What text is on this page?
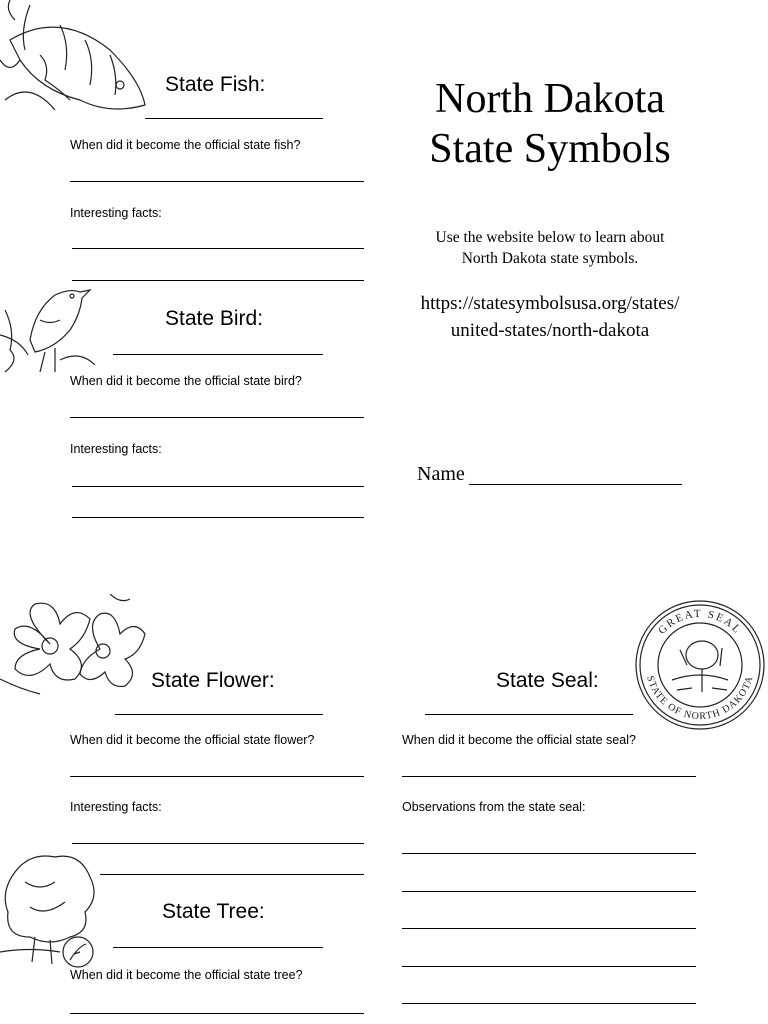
North Dakota
State Symbols
Use the website below to learn about
North Dakota state symbols.
https://statesymbolsusa.org/states/
united-states/north-dakota
Name
State Fish:
When did it become the official state fish?
Interesting facts:
State Bird:
When did it become the official state bird?
Interesting facts:
State Flower:
When did it become the official state flower?
Interesting facts:
State Tree:
When did it become the official state tree?
GREAT SEAL
STATE OF NORTH DAKOTA
State Seal:
When did it become the official state seal?
Observations from the state seal:
